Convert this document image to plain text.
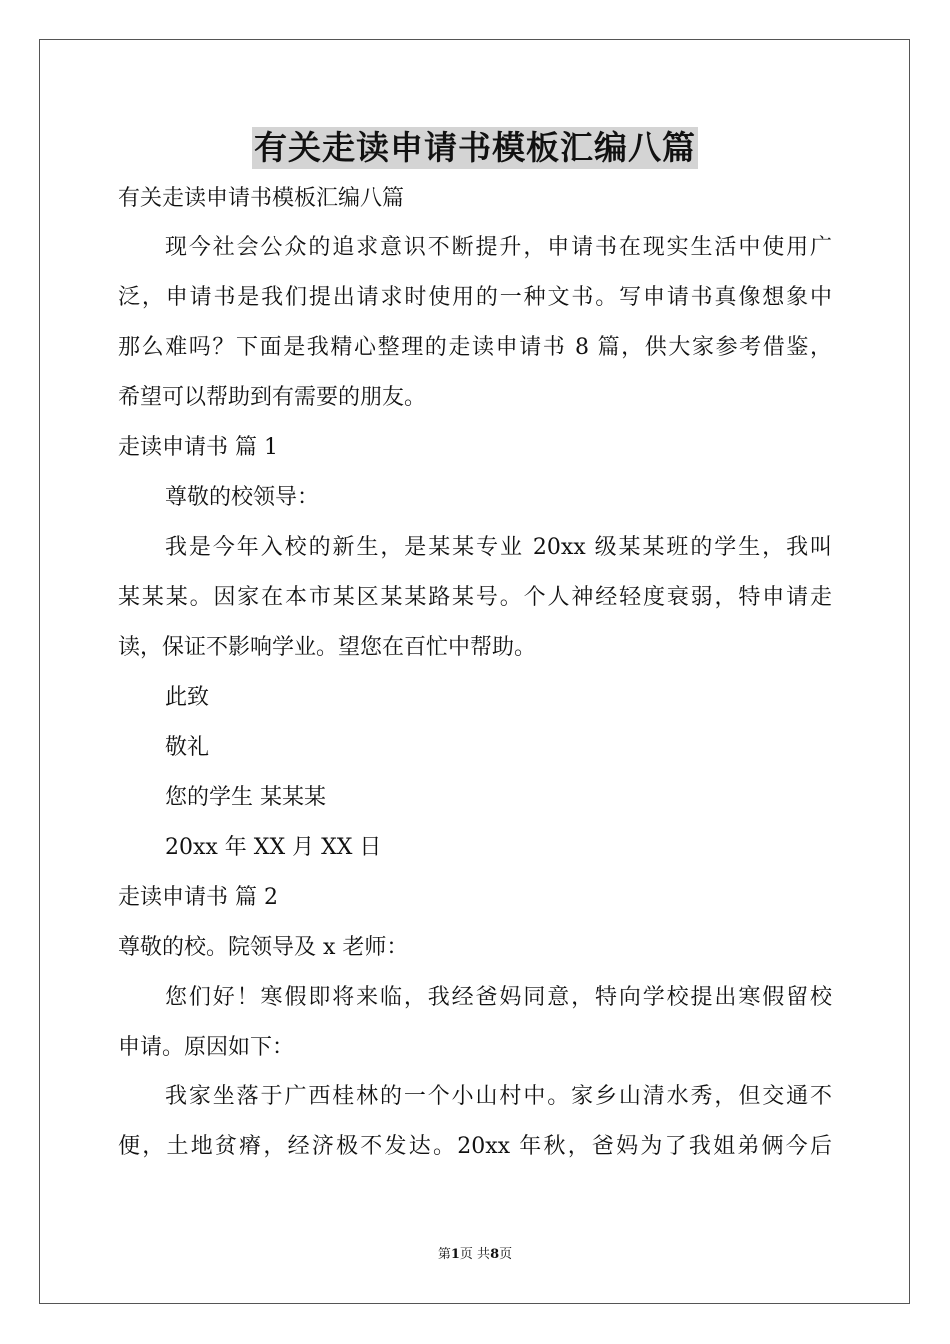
有关走读申请书模板汇编八篇
有关走读申请书模板汇编八篇
现今社会公众的追求意识不断提升，申请书在现实生活中使用广
泛，申请书是我们提出请求时使用的一种文书。写申请书真像想象中
那么难吗？下面是我精心整理的走读申请书 8 篇，供大家参考借鉴，
希望可以帮助到有需要的朋友。
走读申请书 篇 1
尊敬的校领导：
我是今年入校的新生，是某某专业 20xx 级某某班的学生，我叫
某某某。因家在本市某区某某路某号。个人神经轻度衰弱，特申请走
读，保证不影响学业。望您在百忙中帮助。
此致
敬礼
您的学生 某某某
20xx 年 XX 月 XX 日
走读申请书 篇 2
尊敬的校。院领导及 x 老师：
您们好！寒假即将来临，我经爸妈同意，特向学校提出寒假留校
申请。原因如下：
我家坐落于广西桂林的一个小山村中。家乡山清水秀，但交通不
便，土地贫瘠，经济极不发达。20xx 年秋，爸妈为了我姐弟俩今后
第1页 共8页
